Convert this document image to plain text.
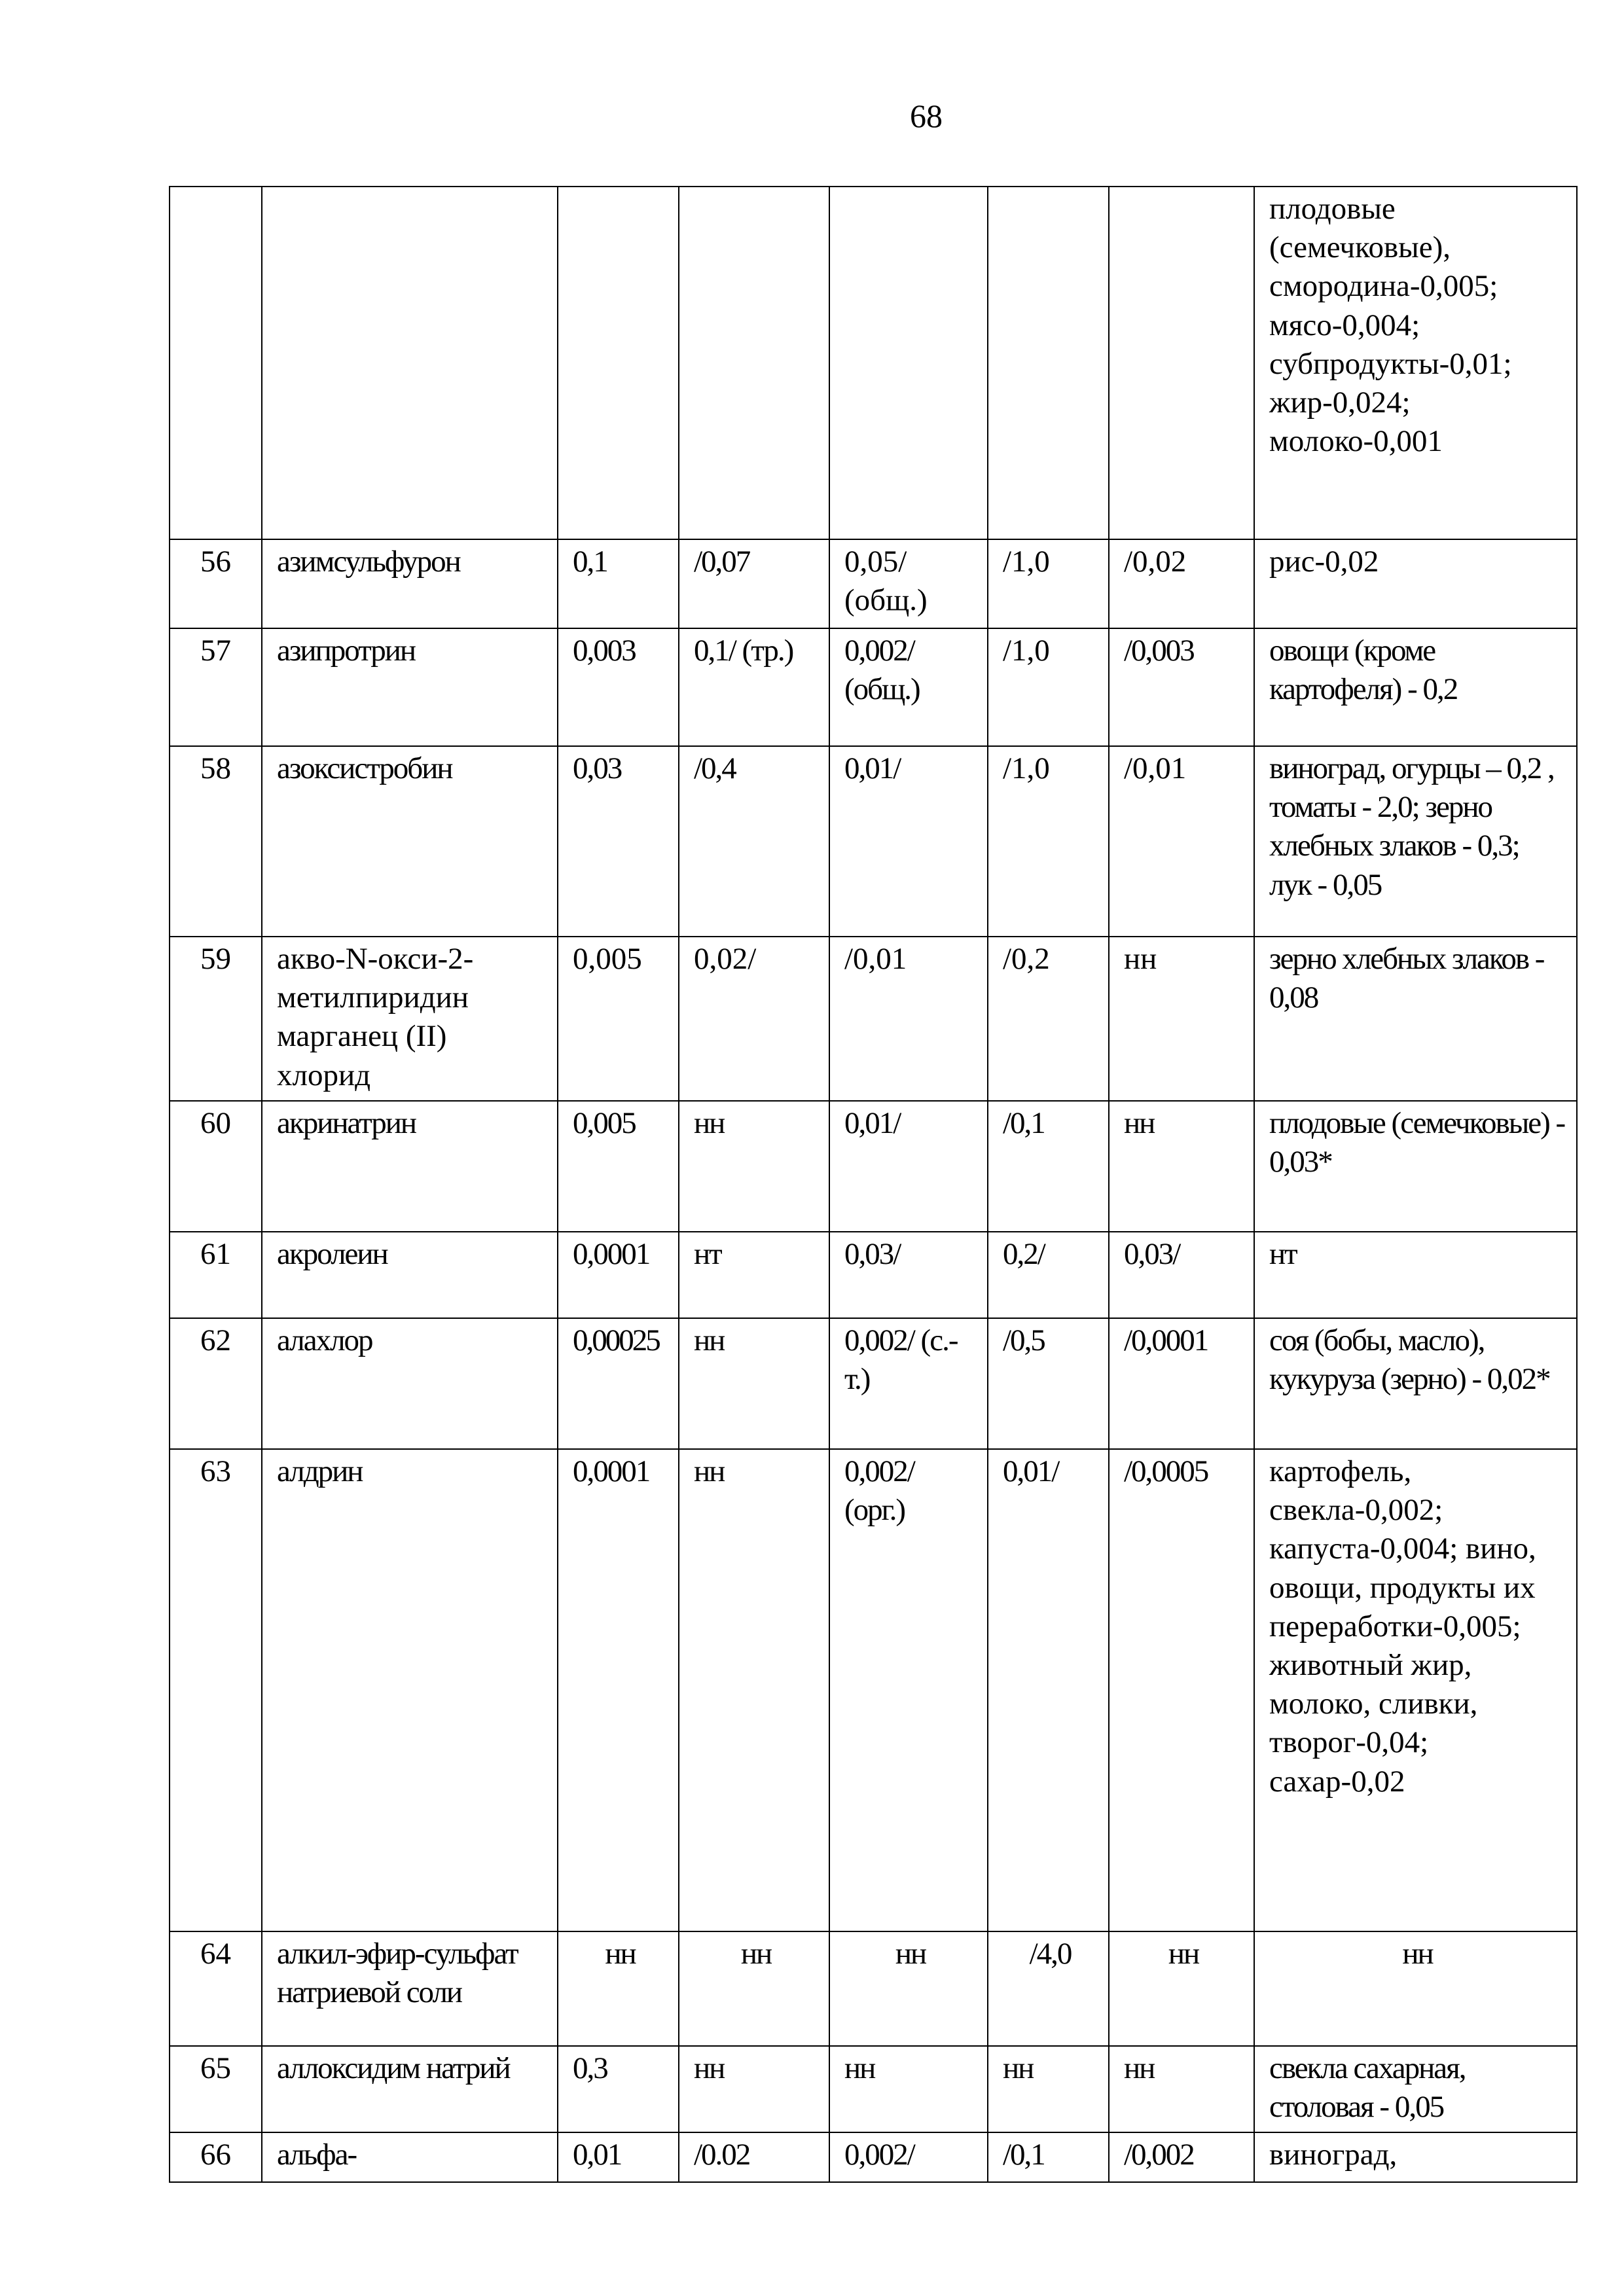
68
							плодовые (семечковые), смородина-0,005; мясо-0,004; субпродукты-0,01; жир-0,024; молоко-0,001
56	азимсульфурон	0,1	/0,07	0,05/ (общ.)	/1,0	/0,02	рис-0,02
57	азипротрин	0,003	0,1/ (тр.)	0,002/ (общ.)	/1,0	/0,003	овощи (кроме картофеля) - 0,2
58	азоксистробин	0,03	/0,4	0,01/	/1,0	/0,01	виноград, огурцы – 0,2 , томаты - 2,0; зерно хлебных злаков - 0,3; лук - 0,05
59	акво-N-окси-2-метилпиридин марганец (II) хлорид	0,005	0,02/	/0,01	/0,2	нн	зерно хлебных злаков - 0,08
60	акринатрин	0,005	нн	0,01/	/0,1	нн	плодовые (семечковые) - 0,03*
61	акролеин	0,0001	нт	0,03/	0,2/	0,03/	нт
62	алахлор	0,00025	нн	0,002/ (с.-т.)	/0,5	/0,0001	соя (бобы, масло), кукуруза (зерно) - 0,02*
63	алдрин	0,0001	нн	0,002/ (орг.)	0,01/	/0,0005	картофель, свекла-0,002; капуста-0,004; вино, овощи, продукты их переработки-0,005; животный жир, молоко, сливки, творог-0,04; сахар-0,02
64	алкил-эфир-сульфат натриевой соли	нн	нн	нн	/4,0	нн	нн
65	аллоксидим натрий	0,3	нн	нн	нн	нн	свекла сахарная, столовая - 0,05
66	альфа-	0,01	/0.02	0,002/	/0,1	/0,002	виноград,
